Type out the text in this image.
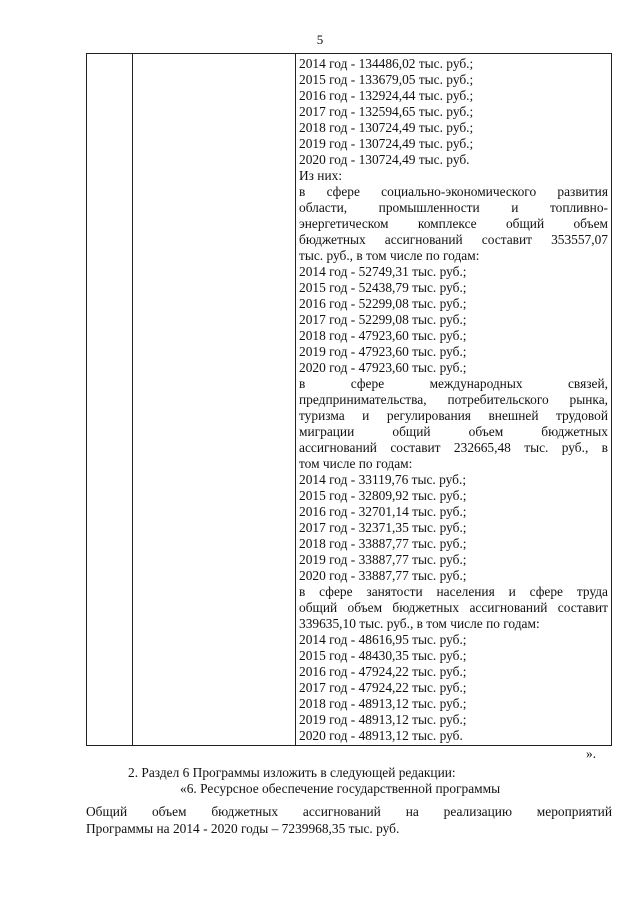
5
2014 год - 134486,02 тыс. руб.;
2015 год - 133679,05 тыс. руб.;
2016 год - 132924,44 тыс. руб.;
2017 год - 132594,65 тыс. руб.;
2018 год - 130724,49 тыс. руб.;
2019 год - 130724,49 тыс. руб.;
2020 год - 130724,49 тыс. руб.
Из них:
в сфере социально-экономического развития
области, промышленности и топливно-
энергетическом комплексе общий объем
бюджетных ассигнований составит 353557,07
тыс. руб., в том числе по годам:
2014 год - 52749,31 тыс. руб.;
2015 год - 52438,79 тыс. руб.;
2016 год - 52299,08 тыс. руб.;
2017 год - 52299,08 тыс. руб.;
2018 год - 47923,60 тыс. руб.;
2019 год - 47923,60 тыс. руб.;
2020 год - 47923,60 тыс. руб.;
в сфере международных связей,
предпринимательства, потребительского рынка,
туризма и регулирования внешней трудовой
миграции общий объем бюджетных
ассигнований составит 232665,48 тыс. руб., в
том числе по годам:
2014 год - 33119,76 тыс. руб.;
2015 год - 32809,92 тыс. руб.;
2016 год - 32701,14 тыс. руб.;
2017 год - 32371,35 тыс. руб.;
2018 год - 33887,77 тыс. руб.;
2019 год - 33887,77 тыс. руб.;
2020 год - 33887,77 тыс. руб.;
в сфере занятости населения и сфере труда
общий объем бюджетных ассигнований составит
339635,10 тыс. руб., в том числе по годам:
2014 год - 48616,95 тыс. руб.;
2015 год - 48430,35 тыс. руб.;
2016 год - 47924,22 тыс. руб.;
2017 год - 47924,22 тыс. руб.;
2018 год - 48913,12 тыс. руб.;
2019 год - 48913,12 тыс. руб.;
2020 год - 48913,12 тыс. руб.
».
2. Раздел 6 Программы изложить в следующей редакции:
«6. Ресурсное обеспечение государственной программы
Общий объем бюджетных ассигнований на реализацию мероприятий
Программы на 2014 - 2020 годы – 7239968,35 тыс. руб.
